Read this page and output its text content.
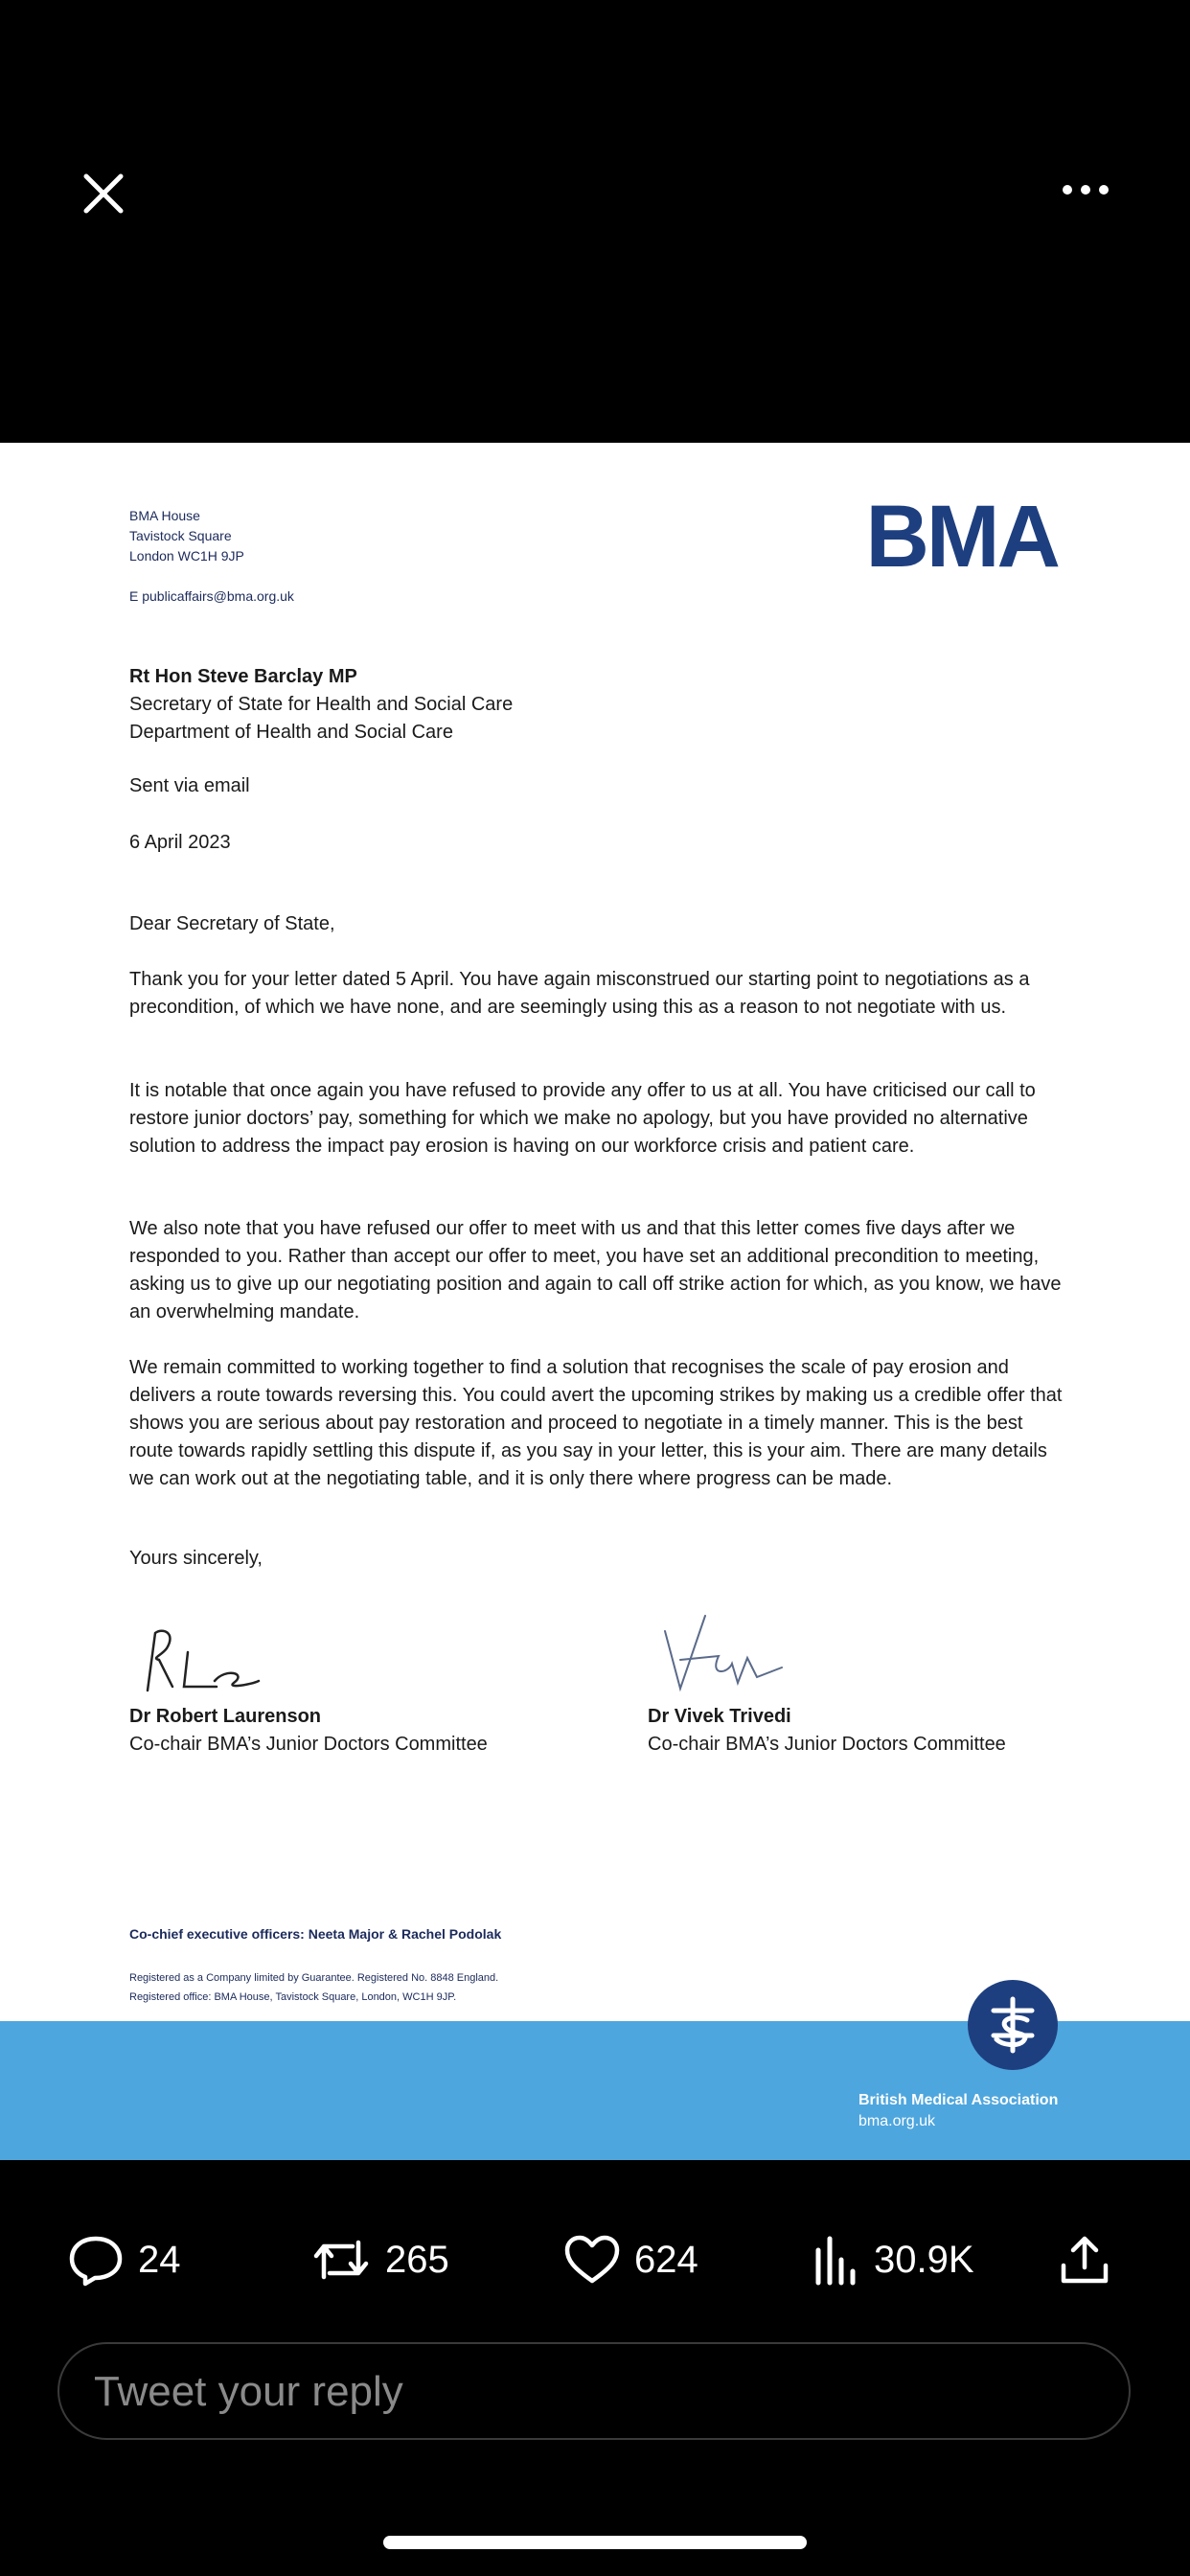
BMA House
Tavistock Square
London WC1H 9JP
E publicaffairs@bma.org.uk
BMA
Rt Hon Steve Barclay MP
Secretary of State for Health and Social Care
Department of Health and Social Care
Sent via email
6 April 2023
Dear Secretary of State,
Thank you for your letter dated 5 April. You have again misconstrued our starting point to negotiations as a precondition, of which we have none, and are seemingly using this as a reason to not negotiate with us.
It is notable that once again you have refused to provide any offer to us at all. You have criticised our call to restore junior doctors’ pay, something for which we make no apology, but you have provided no alternative solution to address the impact pay erosion is having on our workforce crisis and patient care.
We also note that you have refused our offer to meet with us and that this letter comes five days after we responded to you. Rather than accept our offer to meet, you have set an additional precondition to meeting, asking us to give up our negotiating position and again to call off strike action for which, as you know, we have an overwhelming mandate.
We remain committed to working together to find a solution that recognises the scale of pay erosion and delivers a route towards reversing this. You could avert the upcoming strikes by making us a credible offer that shows you are serious about pay restoration and proceed to negotiate in a timely manner. This is the best route towards rapidly settling this dispute if, as you say in your letter, this is your aim. There are many details we can work out at the negotiating table, and it is only there where progress can be made.
Yours sincerely,
Dr Robert Laurenson
Co-chair BMA’s Junior Doctors Committee
Dr Vivek Trivedi
Co-chair BMA’s Junior Doctors Committee
Co-chief executive officers: Neeta Major & Rachel Podolak
Registered as a Company limited by Guarantee. Registered No. 8848 England.
Registered office: BMA House, Tavistock Square, London, WC1H 9JP.
British Medical Association
bma.org.uk
24	265	624	30.9K
Tweet your reply
